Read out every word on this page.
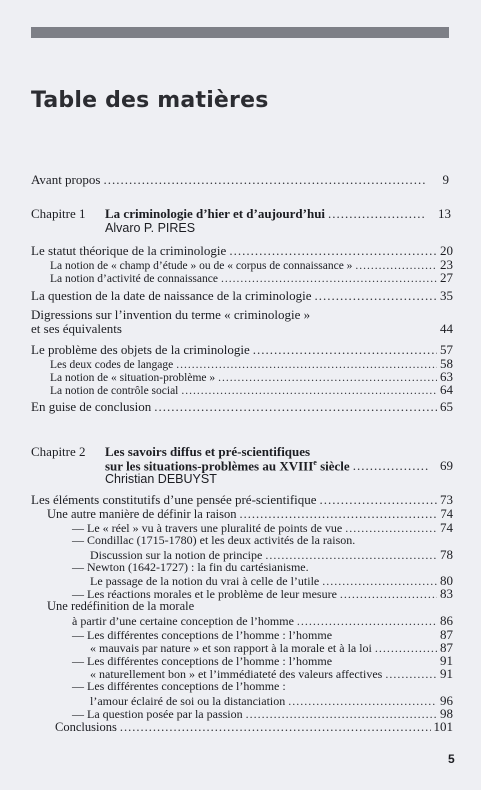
Table des matières
Avant propos .....	9
Chapitre 1 La criminologie d’hier et d’aujourd’hui .....	13
Alvaro P. PIRES
Le statut théorique de la criminologie .....	20
La notion de « champ d’étude » ou de « corpus de connaissance » .....	23
La notion d’activité de connaissance .....	27
La question de la date de naissance de la criminologie .....	35
Digressions sur l’invention du terme « criminologie »
et ses équivalents	44
Le problème des objets de la criminologie .....	57
Les deux codes de langage .....	58
La notion de « situation-problème » .....	63
La notion de contrôle social .....	64
En guise de conclusion .....	65
Chapitre 2 Les savoirs diffus et pré-scientifiques
sur les situations-problèmes au XVIIIe siècle .....	69
Christian DEBUYST
Les éléments constitutifs d’une pensée pré-scientifique .....	73
Une autre manière de définir la raison .....	74
— Le « réel » vu à travers une pluralité de points de vue .....	74
— Condillac (1715-1780) et les deux activités de la raison.
Discussion sur la notion de principe .....	78
— Newton (1642-1727) : la fin du cartésianisme.
Le passage de la notion du vrai à celle de l’utile .....	80
— Les réactions morales et le problème de leur mesure .....	83
Une redéfinition de la morale
à partir d’une certaine conception de l’homme .....	86
— Les différentes conceptions de l’homme : l’homme	87
« mauvais par nature » et son rapport à la morale et à la loi .....	87
— Les différentes conceptions de l’homme : l’homme	91
« naturellement bon » et l’immédiateté des valeurs affectives .....	91
— Les différentes conceptions de l’homme :
l’amour éclairé de soi ou la distanciation .....	96
— La question posée par la passion .....	98
Conclusions .....	101
5
